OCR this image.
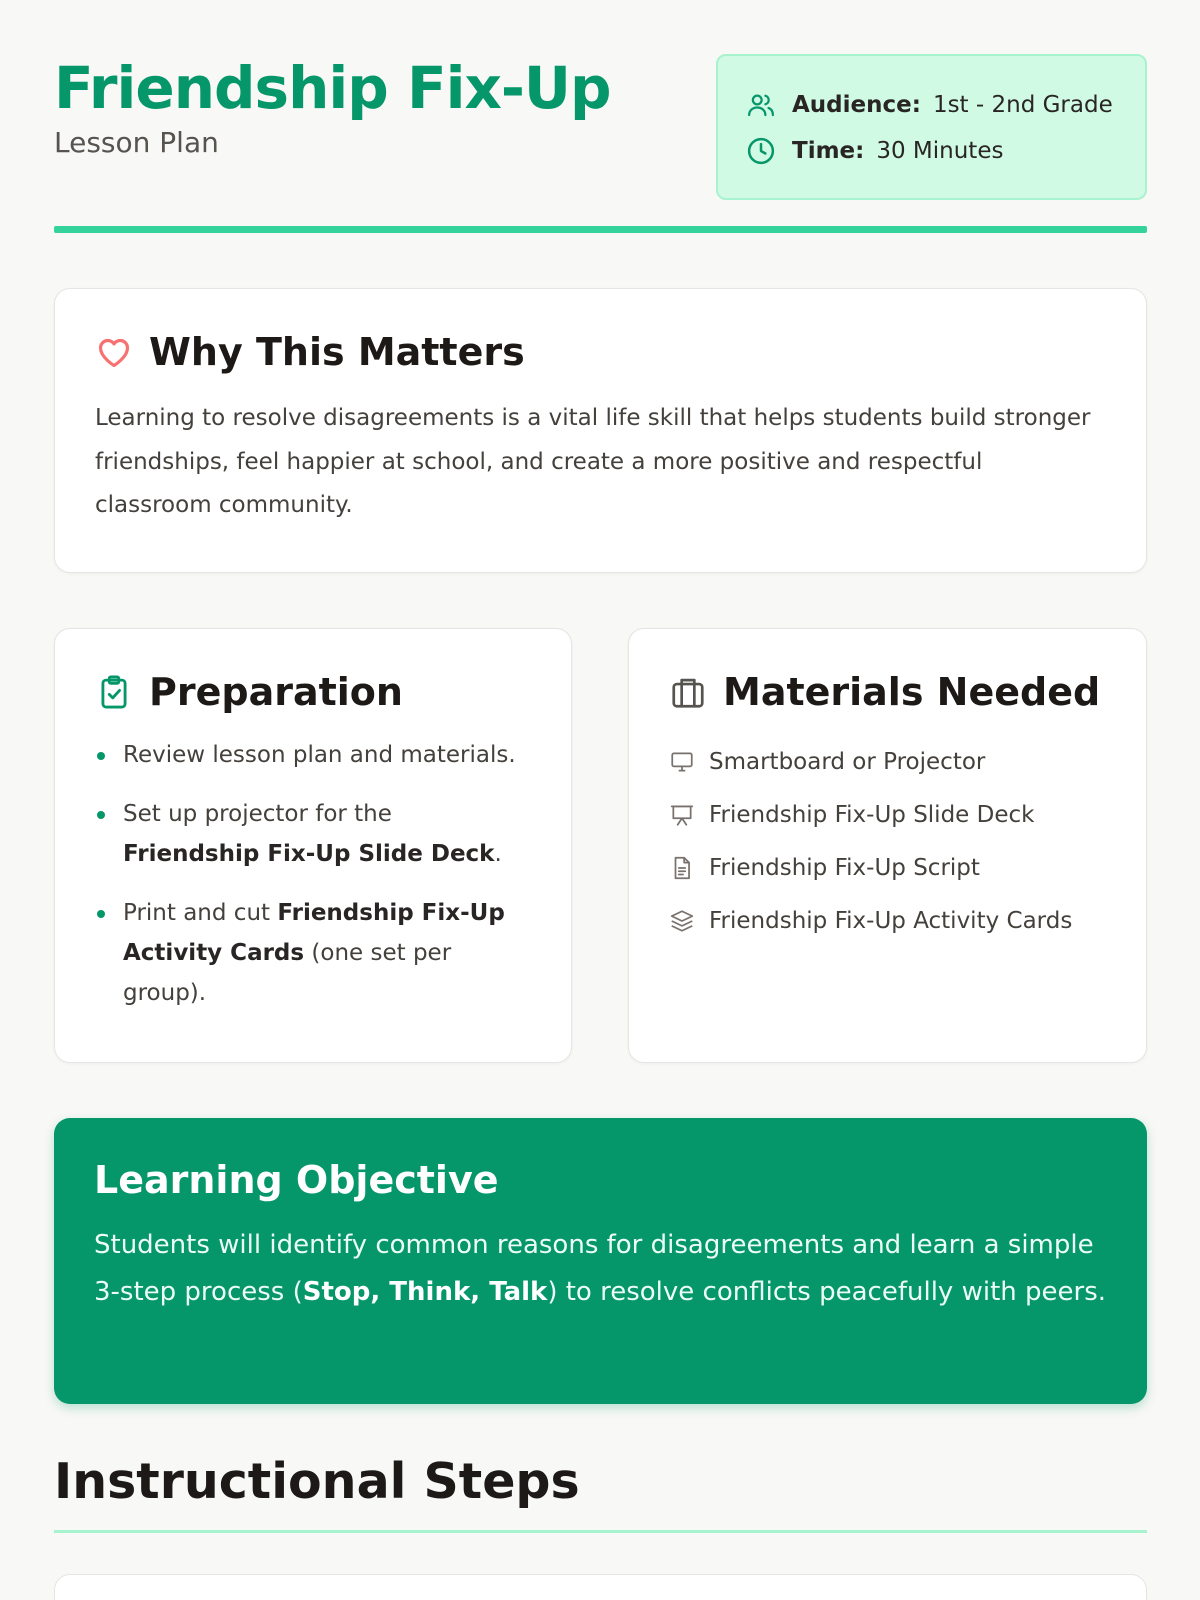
Friendship Fix-Up
Lesson Plan
Audience: 1st - 2nd Grade
Time: 30 Minutes
Why This Matters

Learning to resolve disagreements is a vital life skill that helps students build stronger friendships, feel happier at school, and create a more positive and respectful classroom community.

Preparation
Review lesson plan and materials.
Set up projector for the
Friendship Fix-Up Slide Deck.
Print and cut Friendship Fix-Up Activity Cards (one set per group).
Materials Needed
Smartboard or Projector
Friendship Fix-Up Slide Deck
Friendship Fix-Up Script
Friendship Fix-Up Activity Cards
Learning Objective

Students will identify common reasons for disagreements and learn a simple 3-step process (Stop, Think, Talk) to resolve conflicts peacefully with peers.

Instructional Steps
